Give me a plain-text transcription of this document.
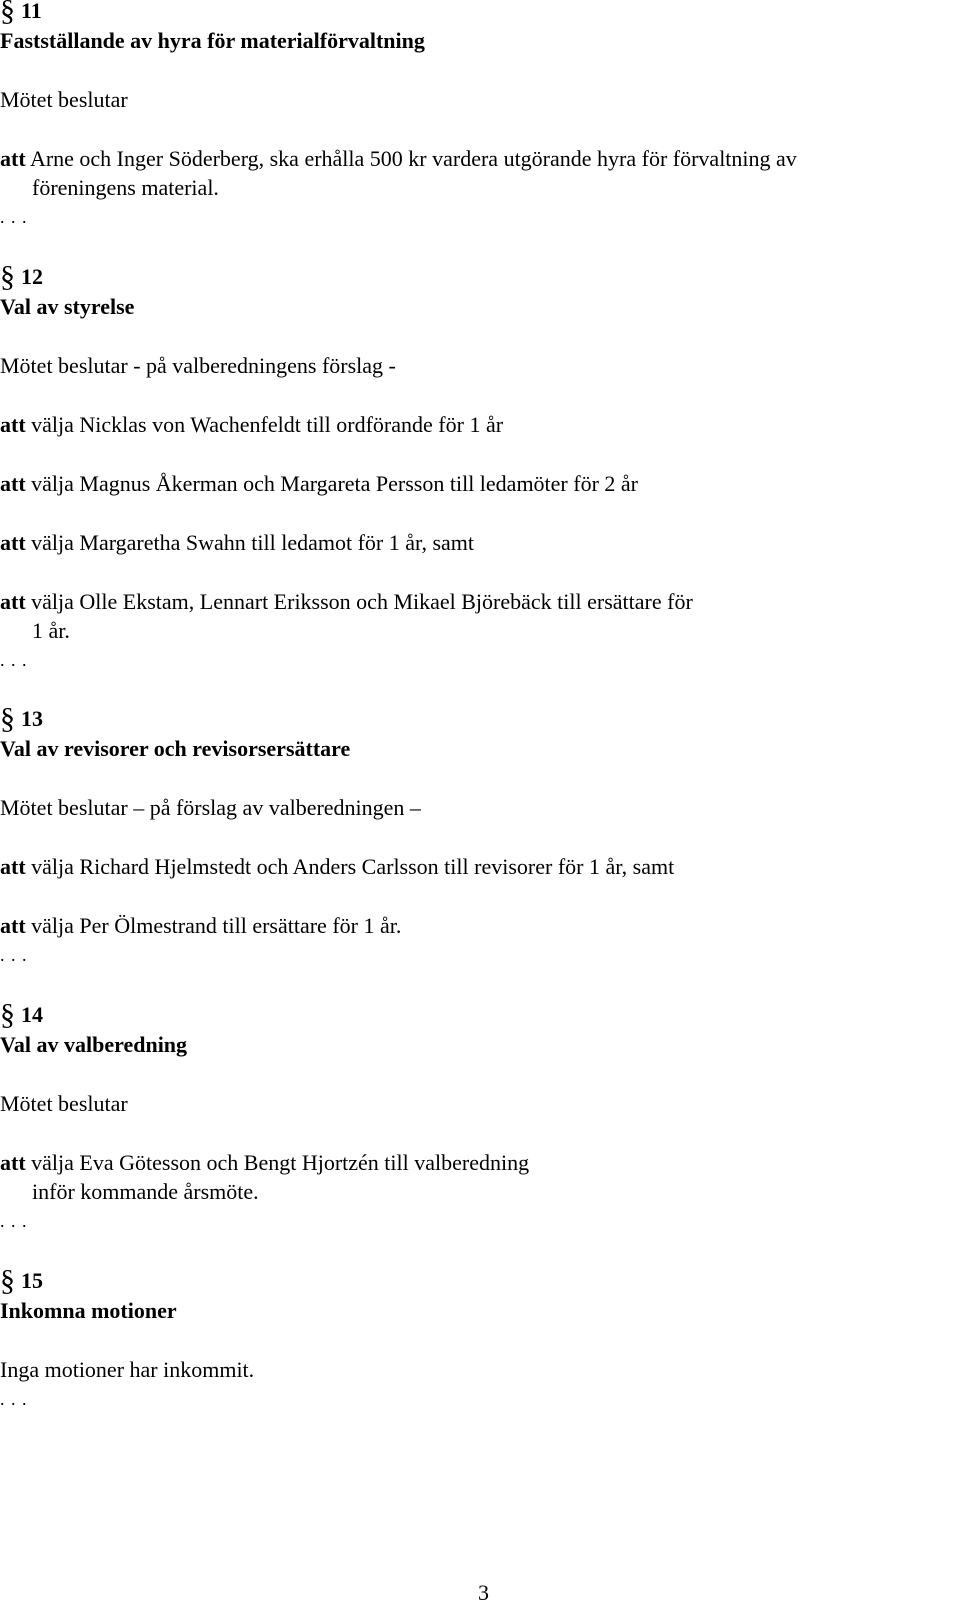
§ 11
Fastställande av hyra för materialförvaltning
Mötet beslutar
att Arne och Inger Söderberg, ska erhålla 500 kr vardera utgörande hyra för förvaltning av
föreningens material.
. . .
§ 12
Val av styrelse
Mötet beslutar - på valberedningens förslag -
att välja Nicklas von Wachenfeldt till ordförande för 1 år
att välja Magnus Åkerman och Margareta Persson till ledamöter för 2 år
att välja Margaretha Swahn till ledamot för 1 år, samt
att välja Olle Ekstam, Lennart Eriksson och Mikael Björebäck till ersättare för
1 år.
. . .
§ 13
Val av revisorer och revisorsersättare
Mötet beslutar – på förslag av valberedningen –
att välja Richard Hjelmstedt och Anders Carlsson till revisorer för 1 år, samt
att välja Per Ölmestrand till ersättare för 1 år.
. . .
§ 14
Val av valberedning
Mötet beslutar
att välja Eva Götesson och Bengt Hjortzén till valberedning
inför kommande årsmöte.
. . .
§ 15
Inkomna motioner
Inga motioner har inkommit.
. . .
3
